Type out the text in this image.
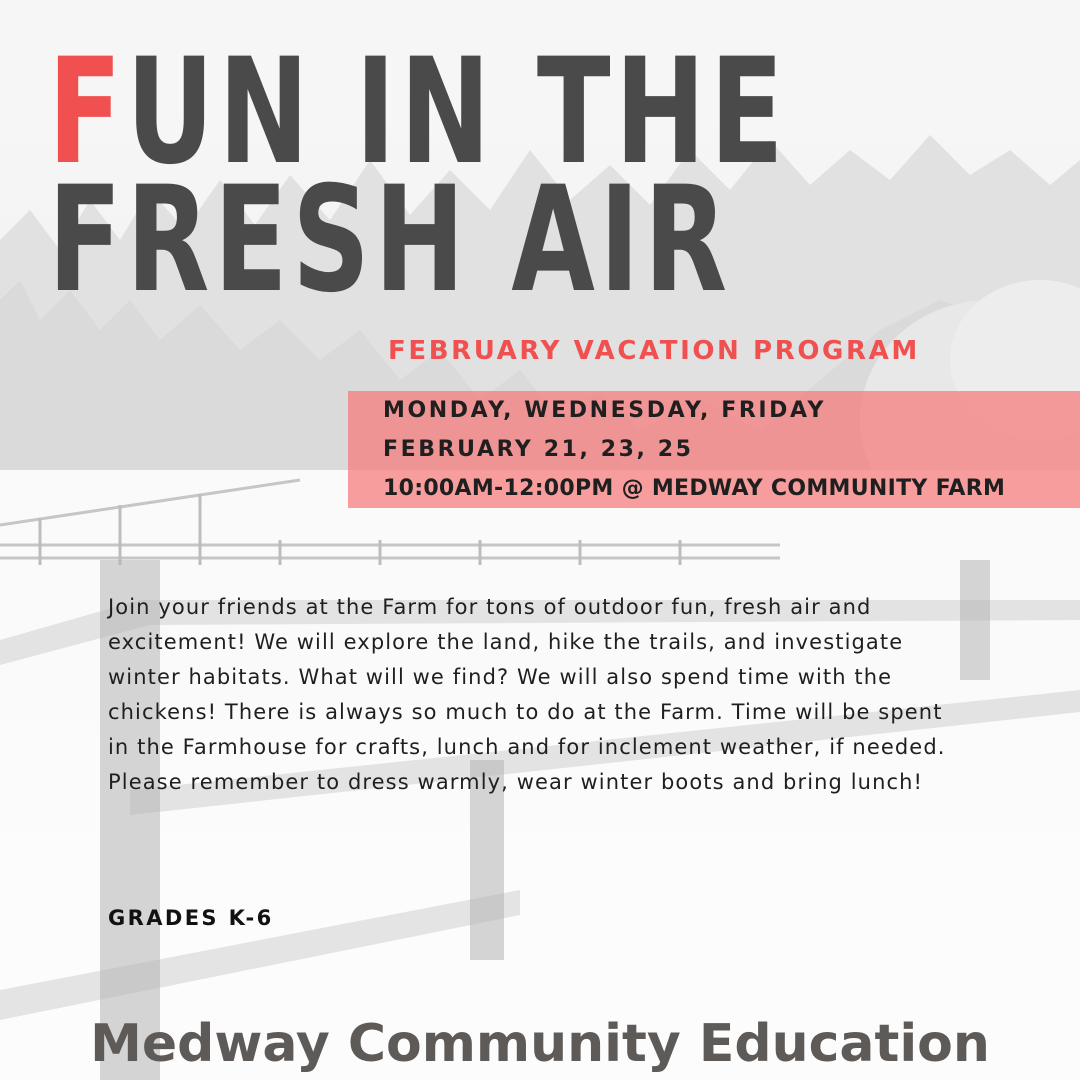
FUN IN THE
FRESH AIR
FEBRUARY VACATION PROGRAM
MONDAY, WEDNESDAY, FRIDAY
FEBRUARY 21, 23, 25
10:00AM-12:00PM @ MEDWAY COMMUNITY FARM

Join your friends at the Farm for tons of outdoor fun, fresh air and excitement! We will explore the land, hike the trails, and investigate winter habitats. What will we find? We will also spend time with the chickens! There is always so much to do at the Farm. Time will be spent in the Farmhouse for crafts, lunch and for inclement weather, if needed. Please remember to dress warmly, wear winter boots and bring lunch!

GRADES K-6
Medway Community Education
